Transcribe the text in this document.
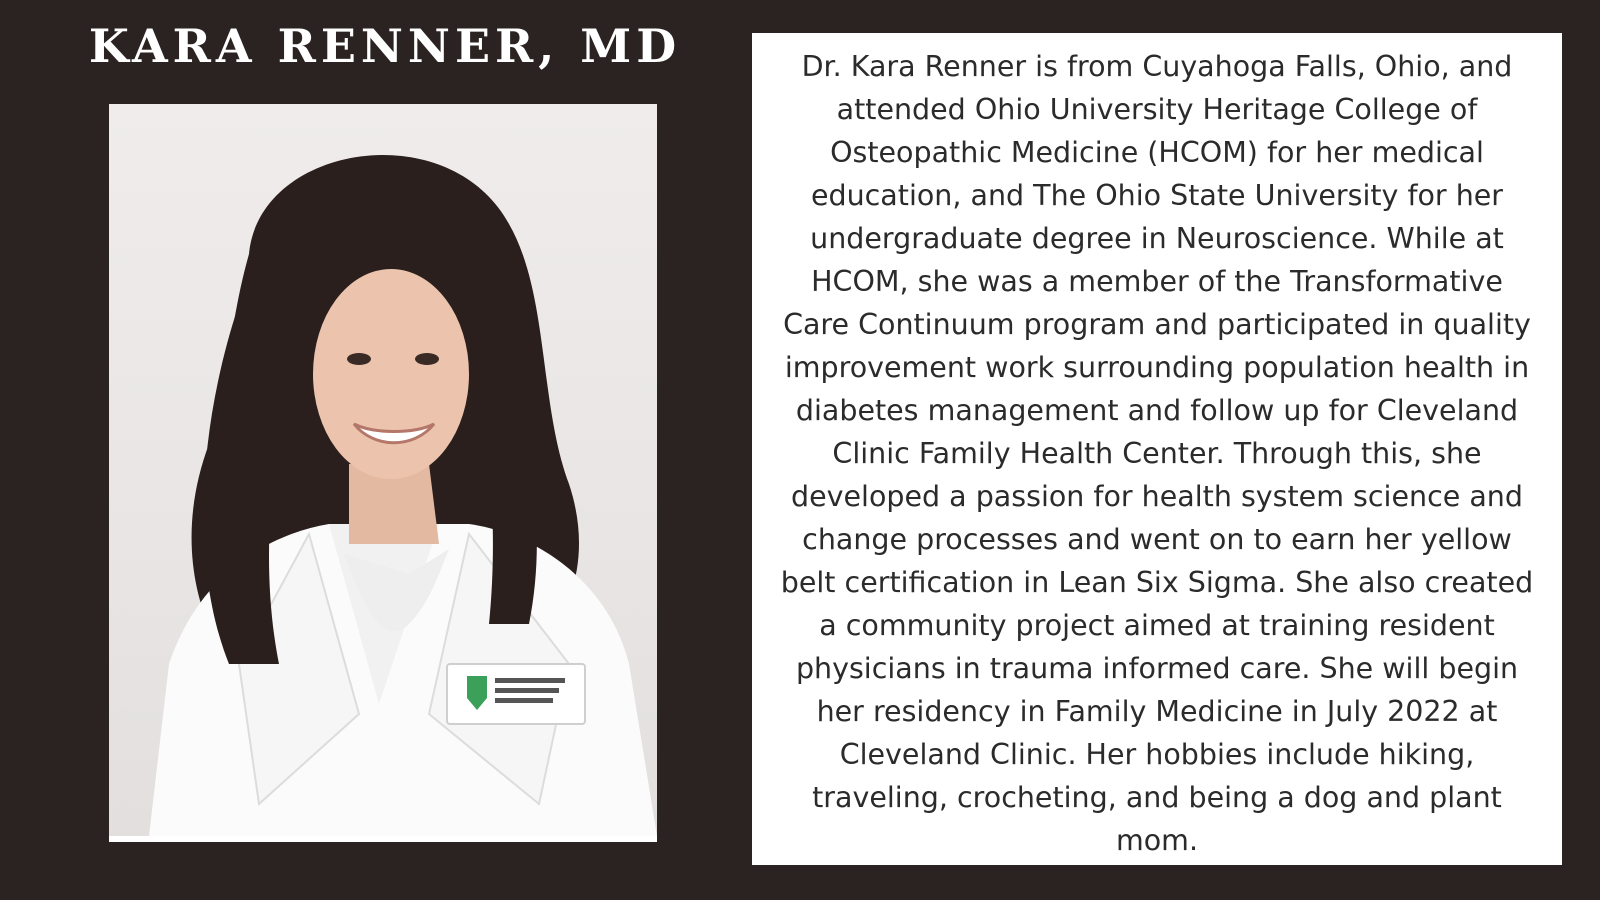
KARA RENNER, MD	Dr. Kara Renner is from Cuyahoga Falls, Ohio, and
attended Ohio University Heritage College of
Osteopathic Medicine (HCOM) for her medical
education, and The Ohio State University for her
undergraduate degree in Neuroscience. While at
HCOM, she was a member of the Transformative
Care Continuum program and participated in quality
improvement work surrounding population health in
diabetes management and follow up for Cleveland
Clinic Family Health Center. Through this, she
developed a passion for health system science and
change processes and went on to earn her yellow
belt certification in Lean Six Sigma. She also created
a community project aimed at training resident
physicians in trauma informed care. She will begin
her residency in Family Medicine in July 2022 at
Cleveland Clinic. Her hobbies include hiking,
traveling, crocheting, and being a dog and plant
mom.
